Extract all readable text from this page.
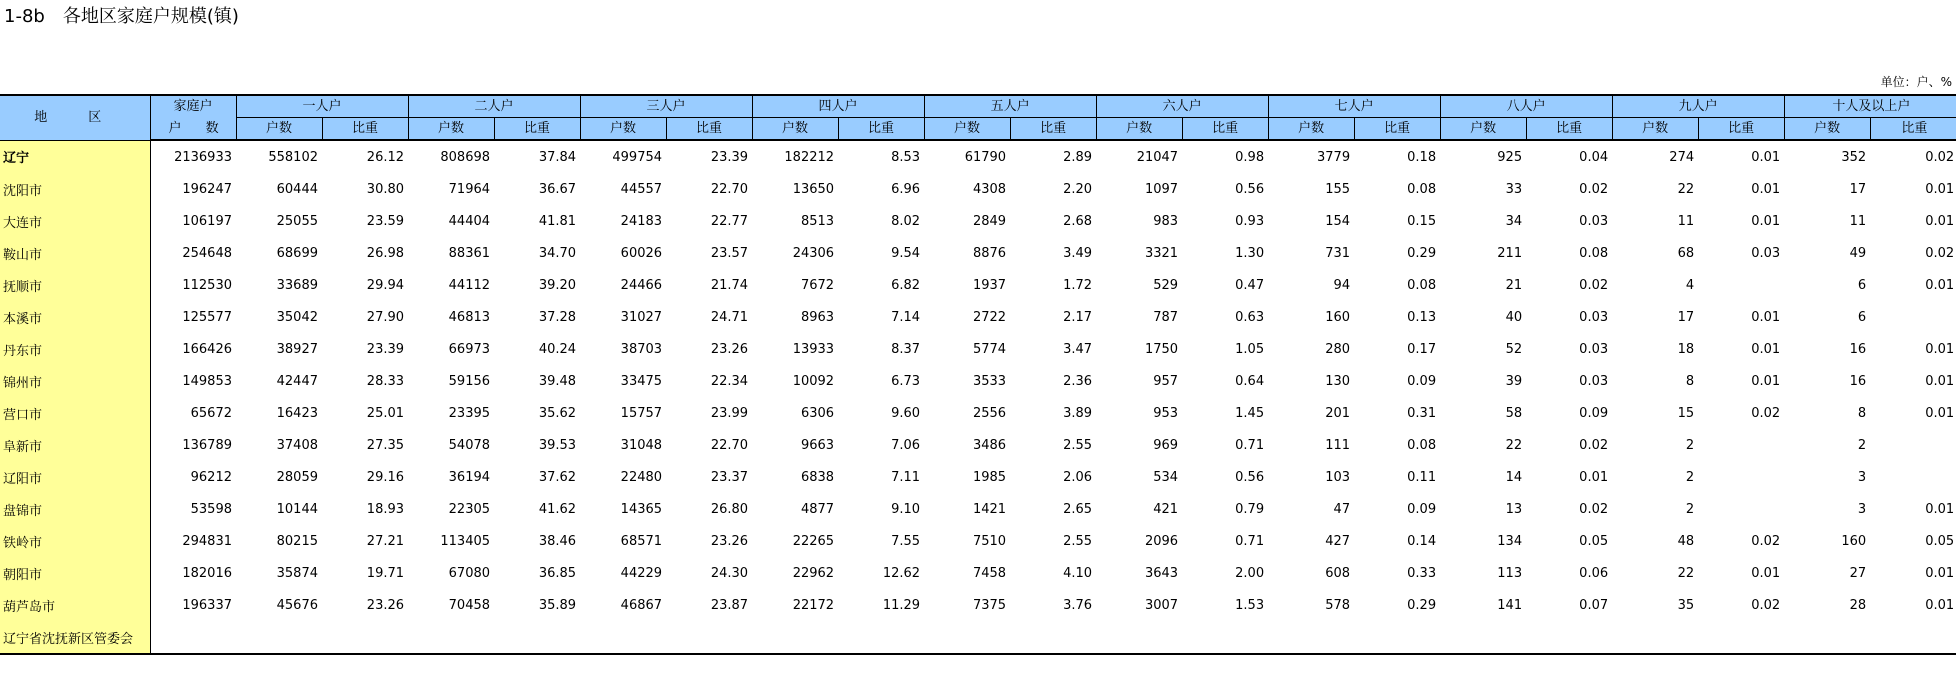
1-8b 各地区家庭户规模(镇)
单位：户、%
地　区	家庭户	一人户		二人户		三人户		四人户		五人户		六人户		七人户		八人户		九人户		十人及以上户	
	户 数	户数	比重	户数	比重	户数	比重	户数	比重	户数	比重	户数	比重	户数	比重	户数	比重	户数	比重	户数	比重
辽宁	2136933	558102	26.12	808698	37.84	499754	23.39	182212	8.53	61790	2.89	21047	0.98	3779	0.18	925	0.04	274	0.01	352	0.02
沈阳市	196247	60444	30.80	71964	36.67	44557	22.70	13650	6.96	4308	2.20	1097	0.56	155	0.08	33	0.02	22	0.01	17	0.01
大连市	106197	25055	23.59	44404	41.81	24183	22.77	8513	8.02	2849	2.68	983	0.93	154	0.15	34	0.03	11	0.01	11	0.01
鞍山市	254648	68699	26.98	88361	34.70	60026	23.57	24306	9.54	8876	3.49	3321	1.30	731	0.29	211	0.08	68	0.03	49	0.02
抚顺市	112530	33689	29.94	44112	39.20	24466	21.74	7672	6.82	1937	1.72	529	0.47	94	0.08	21	0.02	4		6	0.01
本溪市	125577	35042	27.90	46813	37.28	31027	24.71	8963	7.14	2722	2.17	787	0.63	160	0.13	40	0.03	17	0.01	6	
丹东市	166426	38927	23.39	66973	40.24	38703	23.26	13933	8.37	5774	3.47	1750	1.05	280	0.17	52	0.03	18	0.01	16	0.01
锦州市	149853	42447	28.33	59156	39.48	33475	22.34	10092	6.73	3533	2.36	957	0.64	130	0.09	39	0.03	8	0.01	16	0.01
营口市	65672	16423	25.01	23395	35.62	15757	23.99	6306	9.60	2556	3.89	953	1.45	201	0.31	58	0.09	15	0.02	8	0.01
阜新市	136789	37408	27.35	54078	39.53	31048	22.70	9663	7.06	3486	2.55	969	0.71	111	0.08	22	0.02	2		2	
辽阳市	96212	28059	29.16	36194	37.62	22480	23.37	6838	7.11	1985	2.06	534	0.56	103	0.11	14	0.01	2		3	
盘锦市	53598	10144	18.93	22305	41.62	14365	26.80	4877	9.10	1421	2.65	421	0.79	47	0.09	13	0.02	2		3	0.01
铁岭市	294831	80215	27.21	113405	38.46	68571	23.26	22265	7.55	7510	2.55	2096	0.71	427	0.14	134	0.05	48	0.02	160	0.05
朝阳市	182016	35874	19.71	67080	36.85	44229	24.30	22962	12.62	7458	4.10	3643	2.00	608	0.33	113	0.06	22	0.01	27	0.01
葫芦岛市	196337	45676	23.26	70458	35.89	46867	23.87	22172	11.29	7375	3.76	3007	1.53	578	0.29	141	0.07	35	0.02	28	0.01
辽宁省沈抚新区管委会																					
